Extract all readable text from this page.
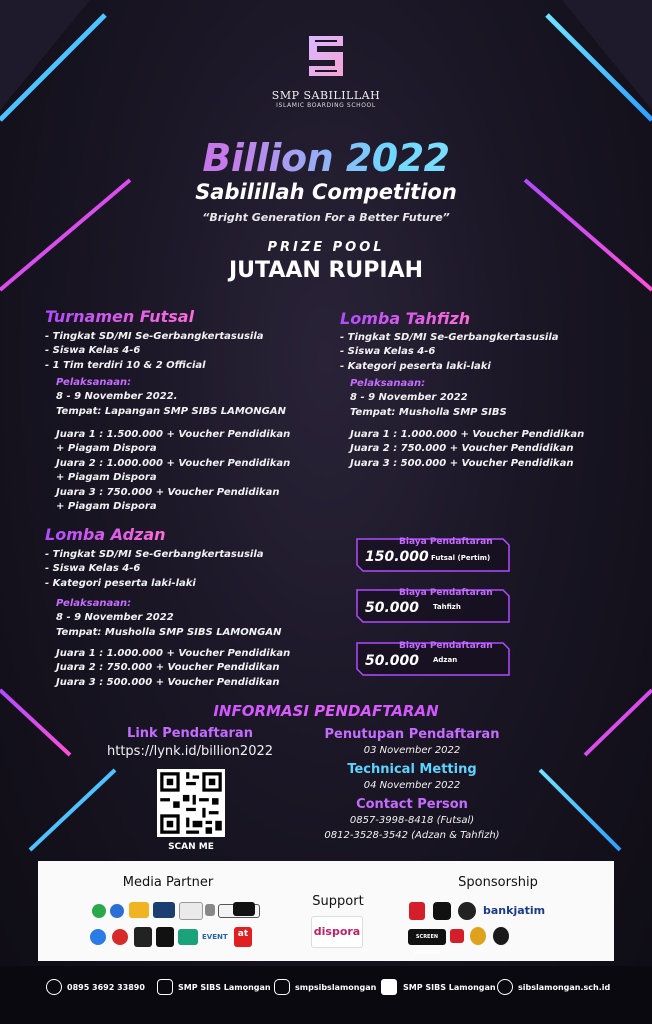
SMP SABILILLAH
ISLAMIC BOARDING SCHOOL
Billion 2022
Sabilillah Competition
“Bright Generation For a Better Future”
PRIZE POOL
JUTAAN RUPIAH
Turnamen Futsal
- Tingkat SD/MI Se-Gerbangkertasusila
- Siswa Kelas 4-6
- 1 Tim terdiri 10 & 2 Official
Pelaksanaan:
8 - 9 November 2022.
Tempat: Lapangan SMP SIBS LAMONGAN
Juara 1 : 1.500.000 + Voucher Pendidikan
+ Piagam Dispora
Juara 2 : 1.000.000 + Voucher Pendidikan
+ Piagam Dispora
Juara 3 : 750.000 + Voucher Pendidikan
+ Piagam Dispora
Lomba Tahfizh
- Tingkat SD/MI Se-Gerbangkertasusila
- Siswa Kelas 4-6
- Kategori peserta laki-laki
Pelaksanaan:
8 - 9 November 2022
Tempat: Musholla SMP SIBS
Juara 1 : 1.000.000 + Voucher Pendidikan
Juara 2 : 750.000 + Voucher Pendidikan
Juara 3 : 500.000 + Voucher Pendidikan
Lomba Adzan
- Tingkat SD/MI Se-Gerbangkertasusila
- Siswa Kelas 4-6
- Kategori peserta laki-laki
Pelaksanaan:
8 - 9 November 2022
Tempat: Musholla SMP SIBS LAMONGAN
Juara 1 : 1.000.000 + Voucher Pendidikan
Juara 2 : 750.000 + Voucher Pendidikan
Juara 3 : 500.000 + Voucher Pendidikan
Biaya Pendaftaran
150.000 Futsal (Pertim)
Biaya Pendaftaran
50.000 Tahfizh
Biaya Pendaftaran
50.000 Adzan
INFORMASI PENDAFTARAN
Link Pendaftaran
https://lynk.id/billion2022
SCAN ME
Penutupan Pendaftaran
03 November 2022
Technical Metting
04 November 2022
Contact Person
0857-3998-8418 (Futsal)
0812-3528-3542 (Adzan & Tahfizh)
Media Partner
Support
Sponsorship
EVENT	at	dispora
bankjatim
SCREEN PRINTING
0895 3692 33890	SMP SIBS Lamongan	smpsibslamongan	SMP SIBS Lamongan	sibslamongan.sch.id
